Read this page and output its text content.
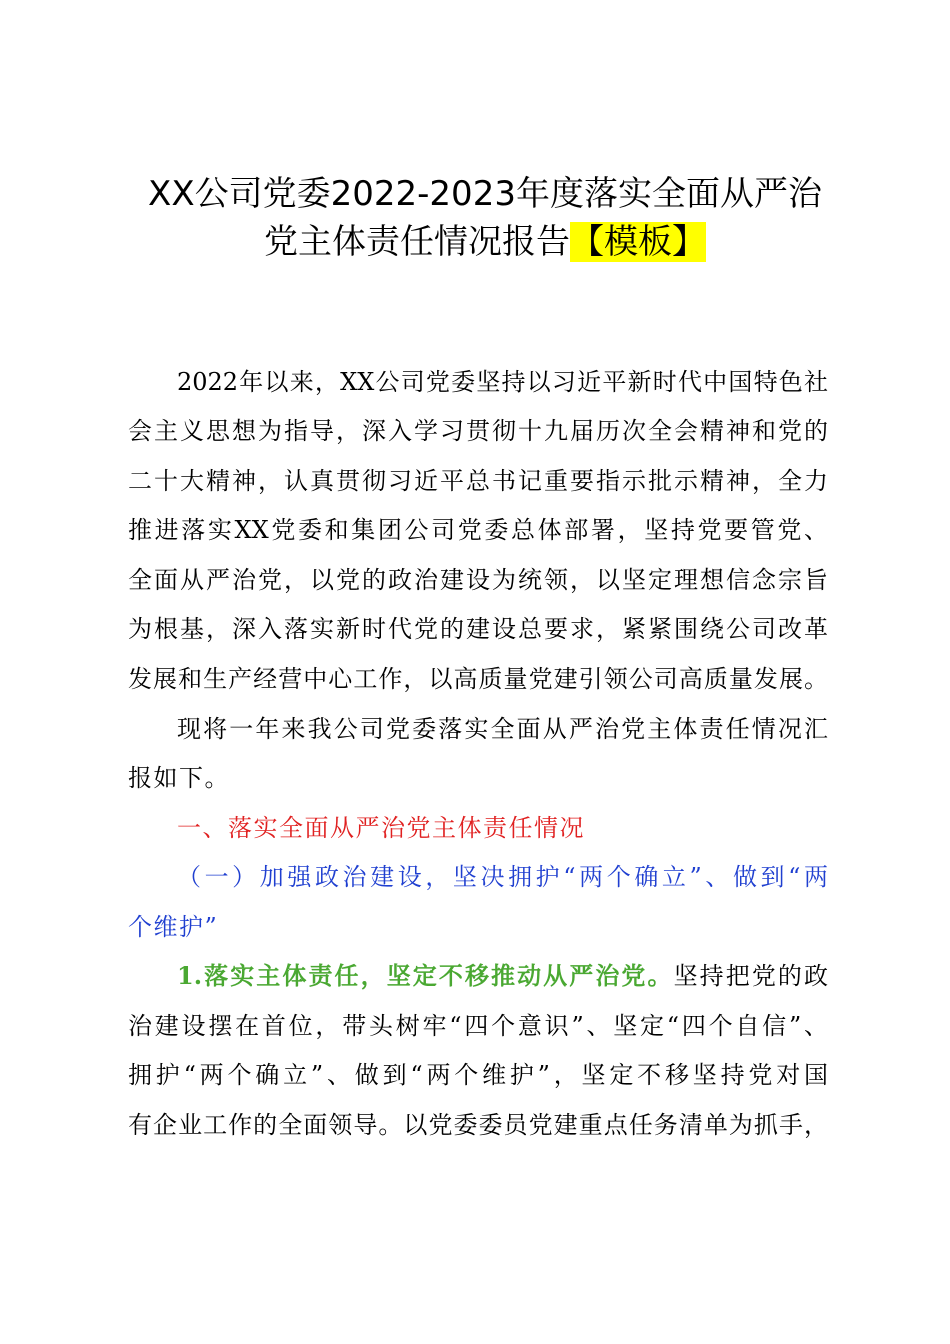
XX公司党委2022-2023年度落实全面从严治
党主体责任情况报告【模板】
2022年以来，XX公司党委坚持以习近平新时代中国特色社
会主义思想为指导，深入学习贯彻十九届历次全会精神和党的
二十大精神，认真贯彻习近平总书记重要指示批示精神，全力
推进落实XX党委和集团公司党委总体部署，坚持党要管党、
全面从严治党，以党的政治建设为统领，以坚定理想信念宗旨
为根基，深入落实新时代党的建设总要求，紧紧围绕公司改革
发展和生产经营中心工作，以高质量党建引领公司高质量发展。
现将一年来我公司党委落实全面从严治党主体责任情况汇
报如下。
一、落实全面从严治党主体责任情况
（一）加强政治建设，坚决拥护“两个确立”、做到“两
个维护”
1.落实主体责任，坚定不移推动从严治党。坚持把党的政
治建设摆在首位，带头树牢“四个意识”、坚定“四个自信”、
拥护“两个确立”、做到“两个维护”，坚定不移坚持党对国
有企业工作的全面领导。以党委委员党建重点任务清单为抓手，
